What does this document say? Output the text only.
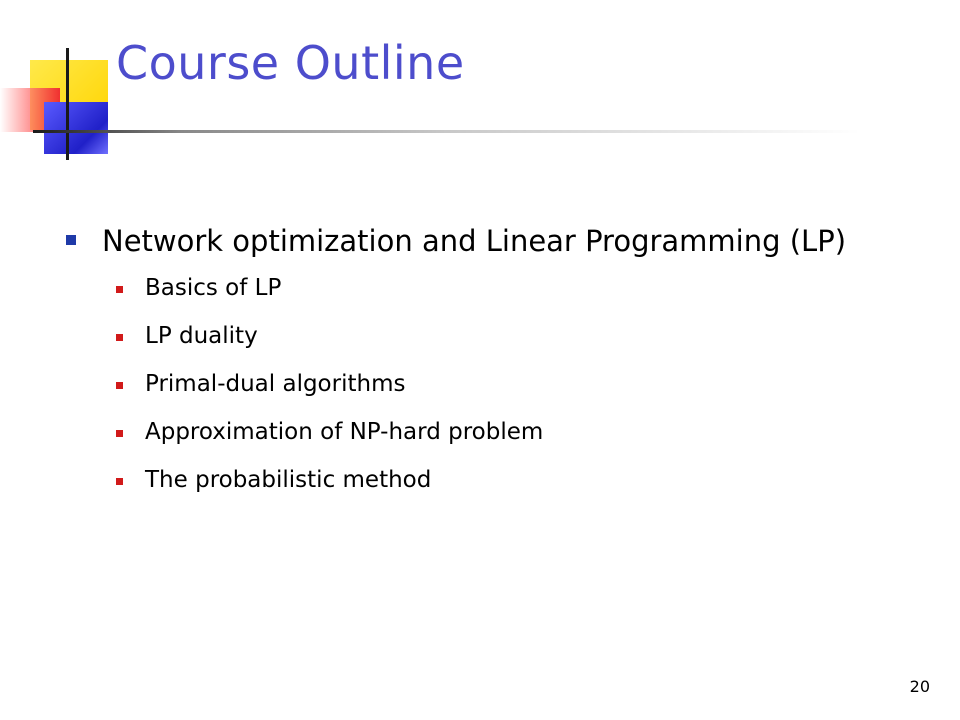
Course Outline
Network optimization and Linear Programming (LP)
Basics of LP
LP duality
Primal-dual algorithms
Approximation of NP-hard problem
The probabilistic method
20
